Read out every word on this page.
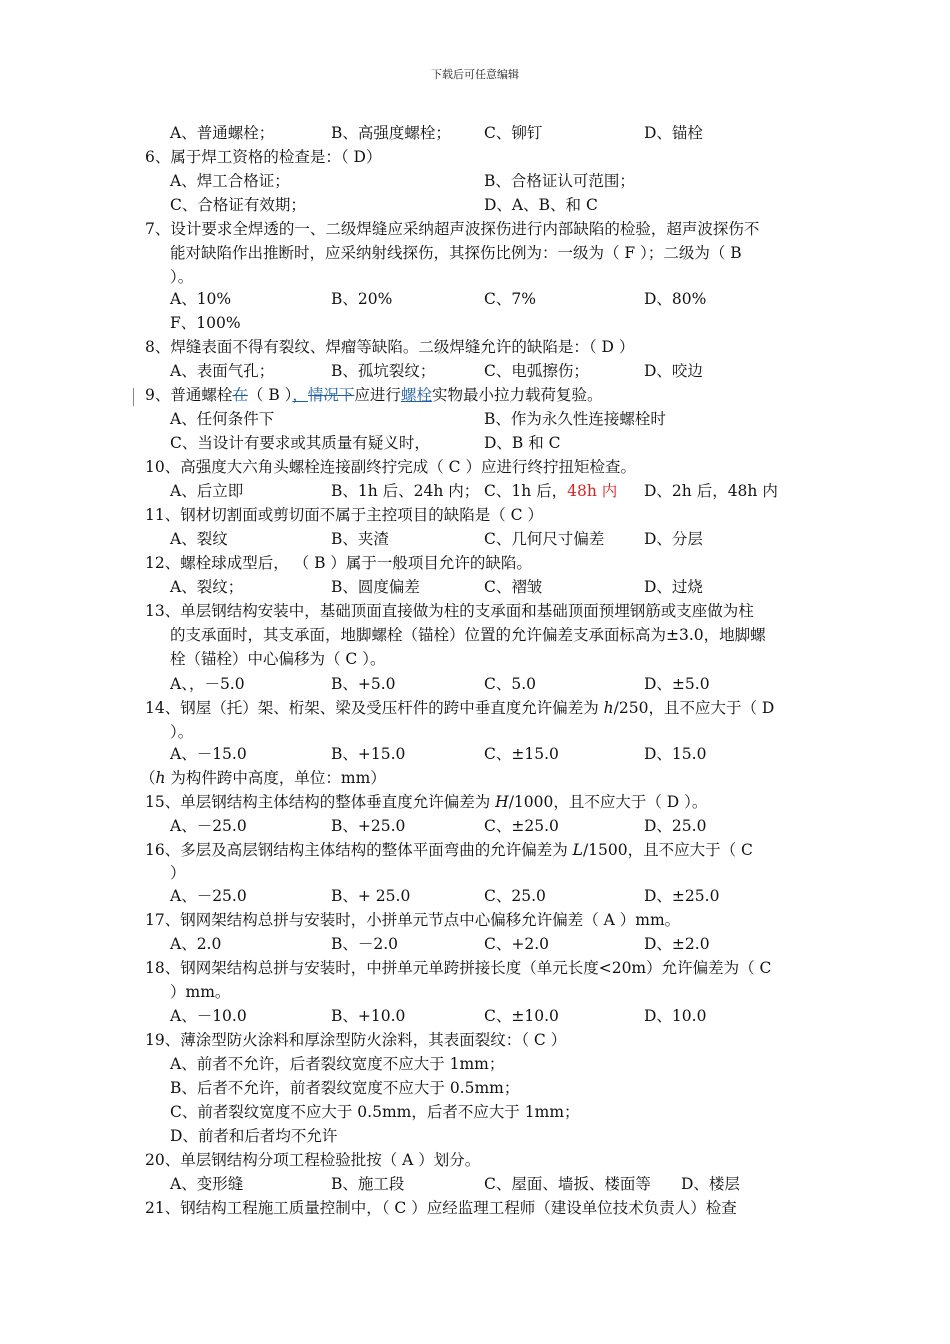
下载后可任意编辑
A、普通螺栓；	B、高强度螺栓； C、铆钉	D、锚栓
6、属于焊工资格的检查是：（ D）
A、焊工合格证；	B、合格证认可范围；
C、合格证有效期；	D、A、B、和 C
7、设计要求全焊透的一、二级焊缝应采纳超声波探伤进行内部缺陷的检验，超声波探伤不
能对缺陷作出推断时，应采纳射线探伤，其探伤比例为：一级为（ F ）；二级为（ B
）。
A、10%	B、20%	C、7%	D、80%
F、100%
8、焊缝表面不得有裂纹、焊瘤等缺陷。二级焊缝允许的缺陷是：（ D ）
A、表面气孔；	B、孤坑裂纹；	C、电弧擦伤；	D、咬边
9、普通螺栓在（ B ），情况下应进行螺栓实物最小拉力载荷复验。
A、任何条件下	B、作为永久性连接螺栓时
C、当设计有要求或其质量有疑义时，	D、B 和 C
10、高强度大六角头螺栓连接副终拧完成（ C ）应进行终拧扭矩检查。
A、后立即	B、1h 后、24h 内； C、1h 后，48h 内 D、2h 后，48h 内
11、钢材切割面或剪切面不属于主控项目的缺陷是（ C ）
A、裂纹	B、夹渣	C、几何尺寸偏差	D、分层
12、螺栓球成型后， （ B ）属于一般项目允许的缺陷。
A、裂纹；	B、圆度偏差	C、褶皱	D、过烧
13、单层钢结构安装中，基础顶面直接做为柱的支承面和基础顶面预埋钢筋或支座做为柱
的支承面时，其支承面，地脚螺栓（锚栓）位置的允许偏差支承面标高为±3.0，地脚螺
栓（锚栓）中心偏移为（ C ）。
A、，－5.0	B、+5.0	C、5.0	D、±5.0
14、钢屋（托）架、桁架、梁及受压杆件的跨中垂直度允许偏差为 h/250，且不应大于（ D
）。
A、－15.0	B、+15.0	C、±15.0	D、15.0
（h 为构件跨中高度，单位：mm）
15、单层钢结构主体结构的整体垂直度允许偏差为 H/1000，且不应大于（ D ）。
A、－25.0	B、+25.0	C、±25.0	D、25.0
16、多层及高层钢结构主体结构的整体平面弯曲的允许偏差为 L/1500，且不应大于（ C
）
A、－25.0	B、+ 25.0	C、25.0	D、±25.0
17、钢网架结构总拼与安装时，小拼单元节点中心偏移允许偏差（ A ）mm。
A、2.0	B、－2.0	C、+2.0	D、±2.0
18、钢网架结构总拼与安装时，中拼单元单跨拼接长度（单元长度<20m）允许偏差为（ C
）mm。
A、－10.0	B、+10.0	C、±10.0	D、10.0
19、薄涂型防火涂料和厚涂型防火涂料，其表面裂纹：（ C ）
A、前者不允许，后者裂纹宽度不应大于 1mm；
B、后者不允许，前者裂纹宽度不应大于 0.5mm；
C、前者裂纹宽度不应大于 0.5mm，后者不应大于 1mm；
D、前者和后者均不允许
20、单层钢结构分项工程检验批按（ A ）划分。
A、变形缝	B、施工段	C、屋面、墙扳、楼面等 D、楼层
21、钢结构工程施工质量控制中，（ C ）应经监理工程师（建设单位技术负责人）检查
